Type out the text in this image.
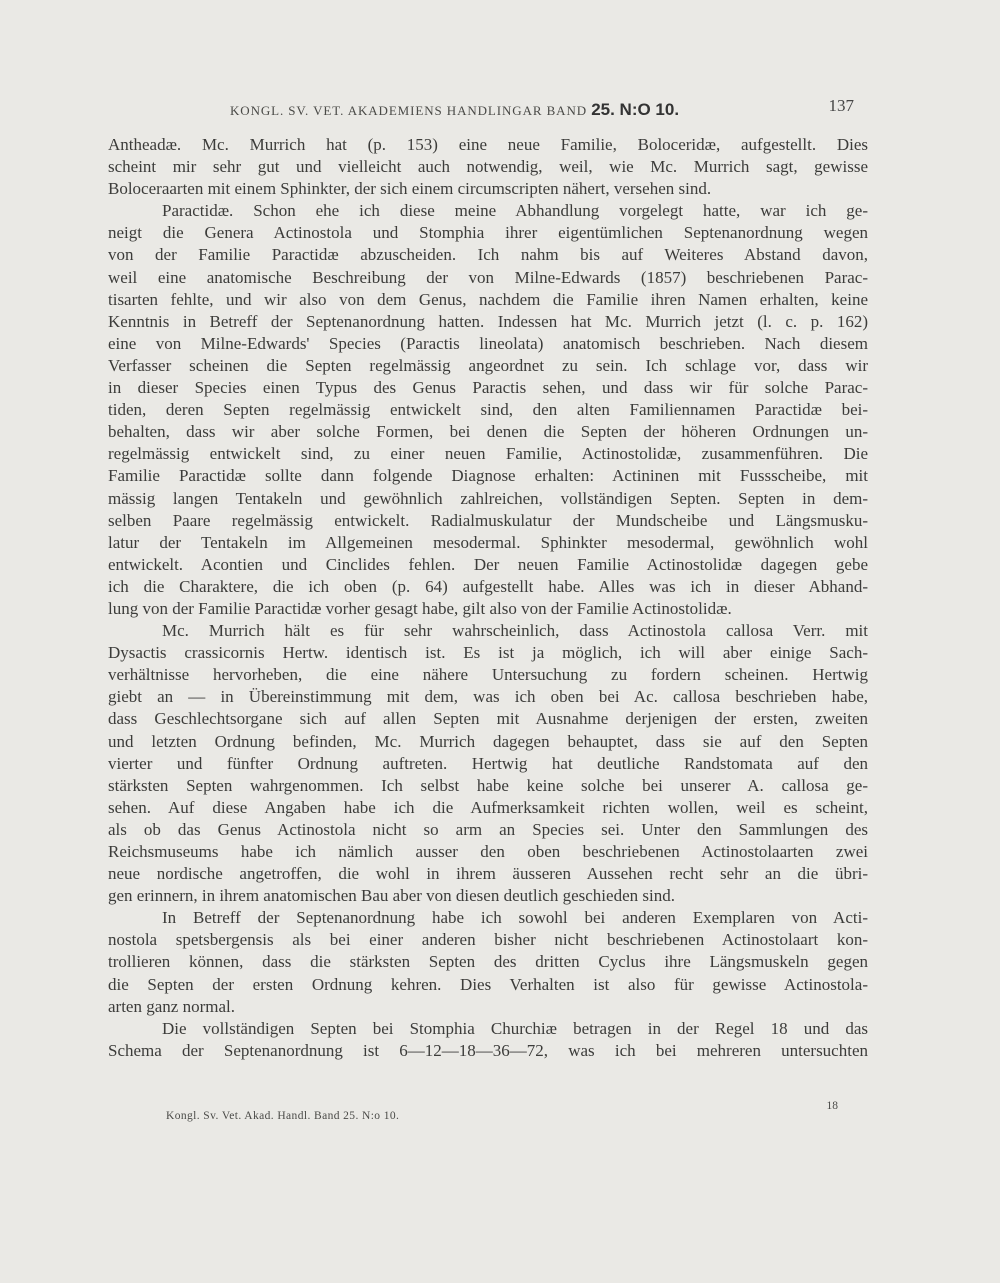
KONGL. SV. VET. AKADEMIENS HANDLINGAR BAND 25. N:O 10.	137
Antheadæ. Mc. Murrich hat (p. 153) eine neue Familie, Boloceridæ, aufgestellt. Dies
scheint mir sehr gut und vielleicht auch notwendig, weil, wie Mc. Murrich sagt, gewisse
Boloceraarten mit einem Sphinkter, der sich einem circumscripten nähert, versehen sind.
Paractidæ. Schon ehe ich diese meine Abhandlung vorgelegt hatte, war ich ge-
neigt die Genera Actinostola und Stomphia ihrer eigentümlichen Septenanordnung wegen
von der Familie Paractidæ abzuscheiden. Ich nahm bis auf Weiteres Abstand davon,
weil eine anatomische Beschreibung der von Milne-Edwards (1857) beschriebenen Parac-
tisarten fehlte, und wir also von dem Genus, nachdem die Familie ihren Namen erhalten, keine
Kenntnis in Betreff der Septenanordnung hatten. Indessen hat Mc. Murrich jetzt (l. c. p. 162)
eine von Milne-Edwards' Species (Paractis lineolata) anatomisch beschrieben. Nach diesem
Verfasser scheinen die Septen regelmässig angeordnet zu sein. Ich schlage vor, dass wir
in dieser Species einen Typus des Genus Paractis sehen, und dass wir für solche Parac-
tiden, deren Septen regelmässig entwickelt sind, den alten Familiennamen Paractidæ bei-
behalten, dass wir aber solche Formen, bei denen die Septen der höheren Ordnungen un-
regelmässig entwickelt sind, zu einer neuen Familie, Actinostolidæ, zusammenführen. Die
Familie Paractidæ sollte dann folgende Diagnose erhalten: Actininen mit Fussscheibe, mit
mässig langen Tentakeln und gewöhnlich zahlreichen, vollständigen Septen. Septen in dem-
selben Paare regelmässig entwickelt. Radialmuskulatur der Mundscheibe und Längsmusku-
latur der Tentakeln im Allgemeinen mesodermal. Sphinkter mesodermal, gewöhnlich wohl
entwickelt. Acontien und Cinclides fehlen. Der neuen Familie Actinostolidæ dagegen gebe
ich die Charaktere, die ich oben (p. 64) aufgestellt habe. Alles was ich in dieser Abhand-
lung von der Familie Paractidæ vorher gesagt habe, gilt also von der Familie Actinostolidæ.
Mc. Murrich hält es für sehr wahrscheinlich, dass Actinostola callosa Verr. mit
Dysactis crassicornis Hertw. identisch ist. Es ist ja möglich, ich will aber einige Sach-
verhältnisse hervorheben, die eine nähere Untersuchung zu fordern scheinen. Hertwig
giebt an — in Übereinstimmung mit dem, was ich oben bei Ac. callosa beschrieben habe,
dass Geschlechtsorgane sich auf allen Septen mit Ausnahme derjenigen der ersten, zweiten
und letzten Ordnung befinden, Mc. Murrich dagegen behauptet, dass sie auf den Septen
vierter und fünfter Ordnung auftreten. Hertwig hat deutliche Randstomata auf den
stärksten Septen wahrgenommen. Ich selbst habe keine solche bei unserer A. callosa ge-
sehen. Auf diese Angaben habe ich die Aufmerksamkeit richten wollen, weil es scheint,
als ob das Genus Actinostola nicht so arm an Species sei. Unter den Sammlungen des
Reichsmuseums habe ich nämlich ausser den oben beschriebenen Actinostolaarten zwei
neue nordische angetroffen, die wohl in ihrem äusseren Aussehen recht sehr an die übri-
gen erinnern, in ihrem anatomischen Bau aber von diesen deutlich geschieden sind.
In Betreff der Septenanordnung habe ich sowohl bei anderen Exemplaren von Acti-
nostola spetsbergensis als bei einer anderen bisher nicht beschriebenen Actinostolaart kon-
trollieren können, dass die stärksten Septen des dritten Cyclus ihre Längsmuskeln gegen
die Septen der ersten Ordnung kehren. Dies Verhalten ist also für gewisse Actinostola-
arten ganz normal.
Die vollständigen Septen bei Stomphia Churchiæ betragen in der Regel 18 und das
Schema der Septenanordnung ist 6—12—18—36—72, was ich bei mehreren untersuchten
Kongl. Sv. Vet. Akad. Handl. Band 25. N:o 10.
18
